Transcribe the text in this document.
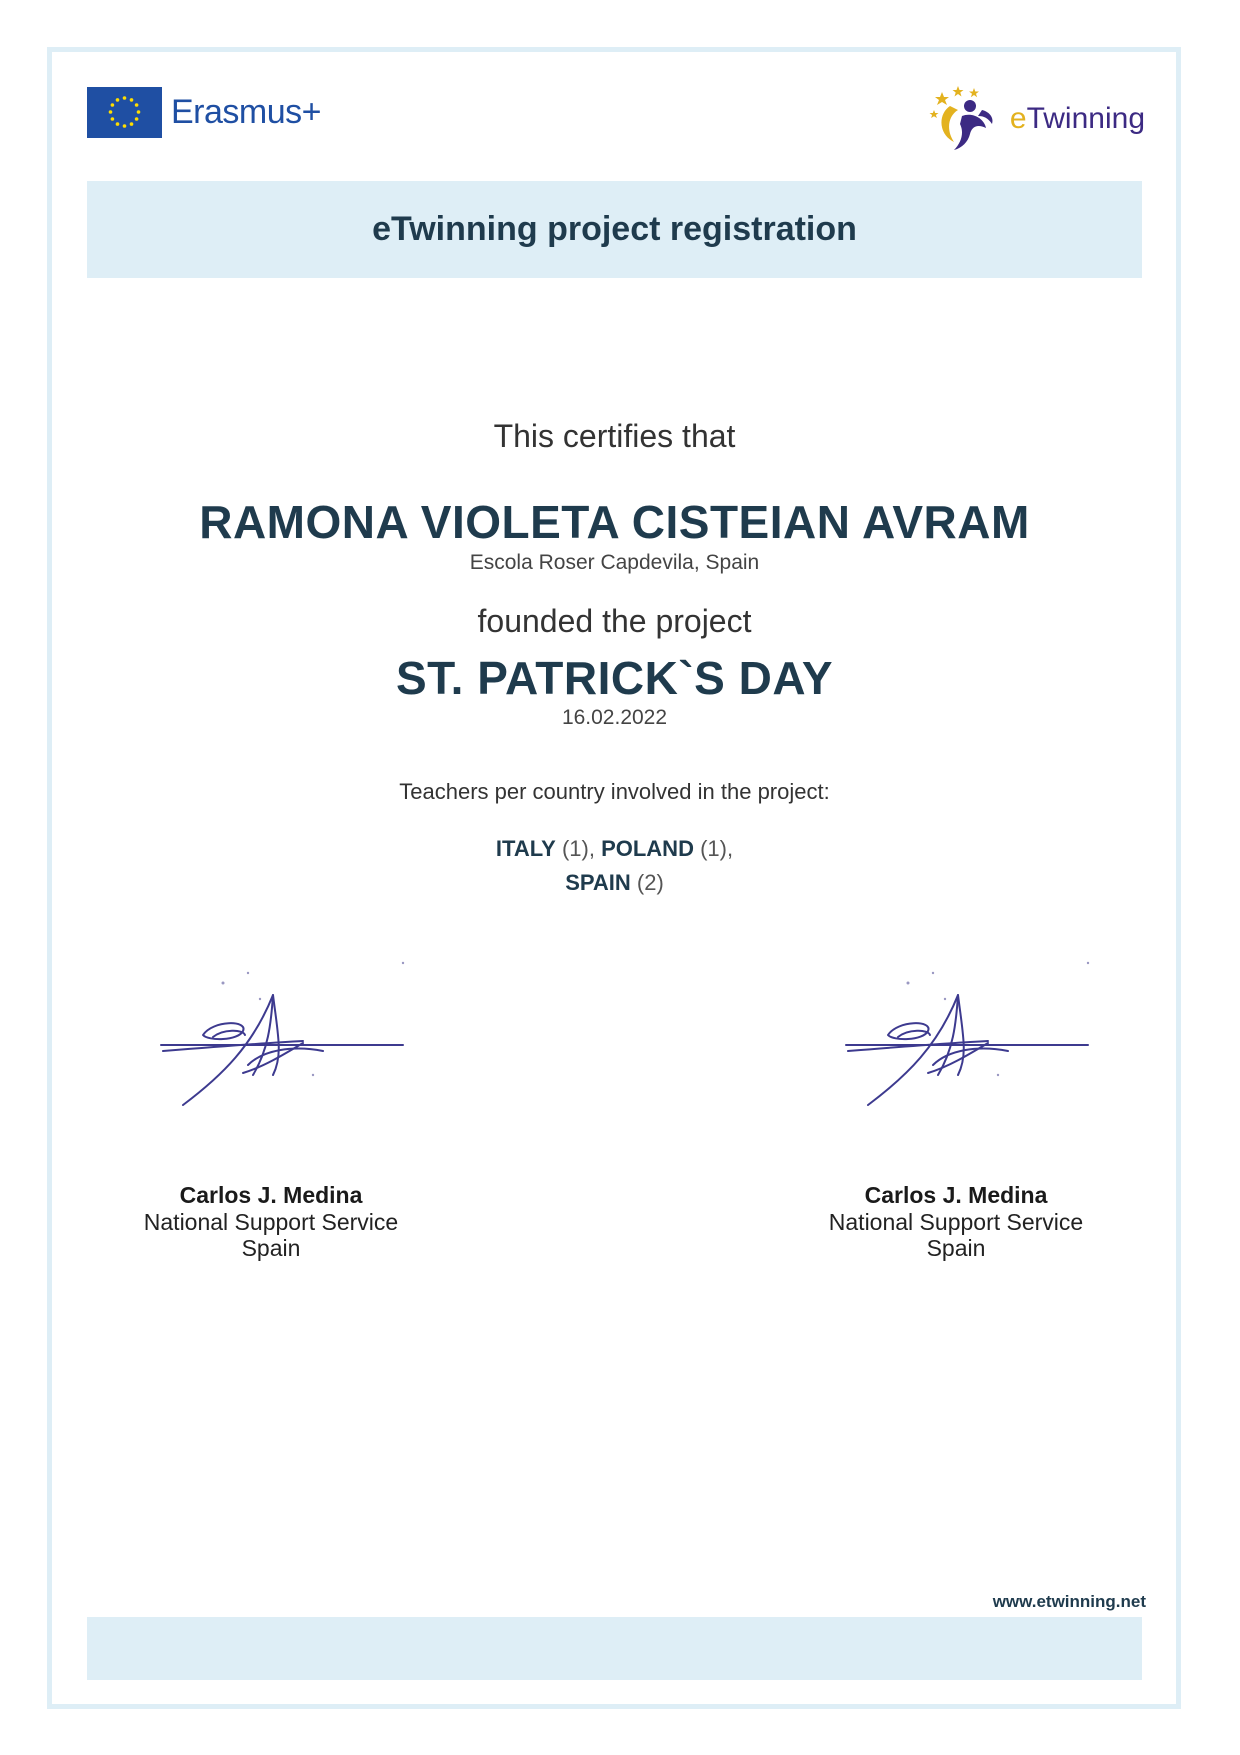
Erasmus+	eTwinning
eTwinning project registration
This certifies that
RAMONA VIOLETA CISTEIAN AVRAM
Escola Roser Capdevila, Spain
founded the project
ST. PATRICK`S DAY
16.02.2022
Teachers per country involved in the project:
ITALY (1), POLAND (1),
SPAIN (2)
Carlos J. Medina
National Support Service
Spain
Carlos J. Medina
National Support Service
Spain
www.etwinning.net
